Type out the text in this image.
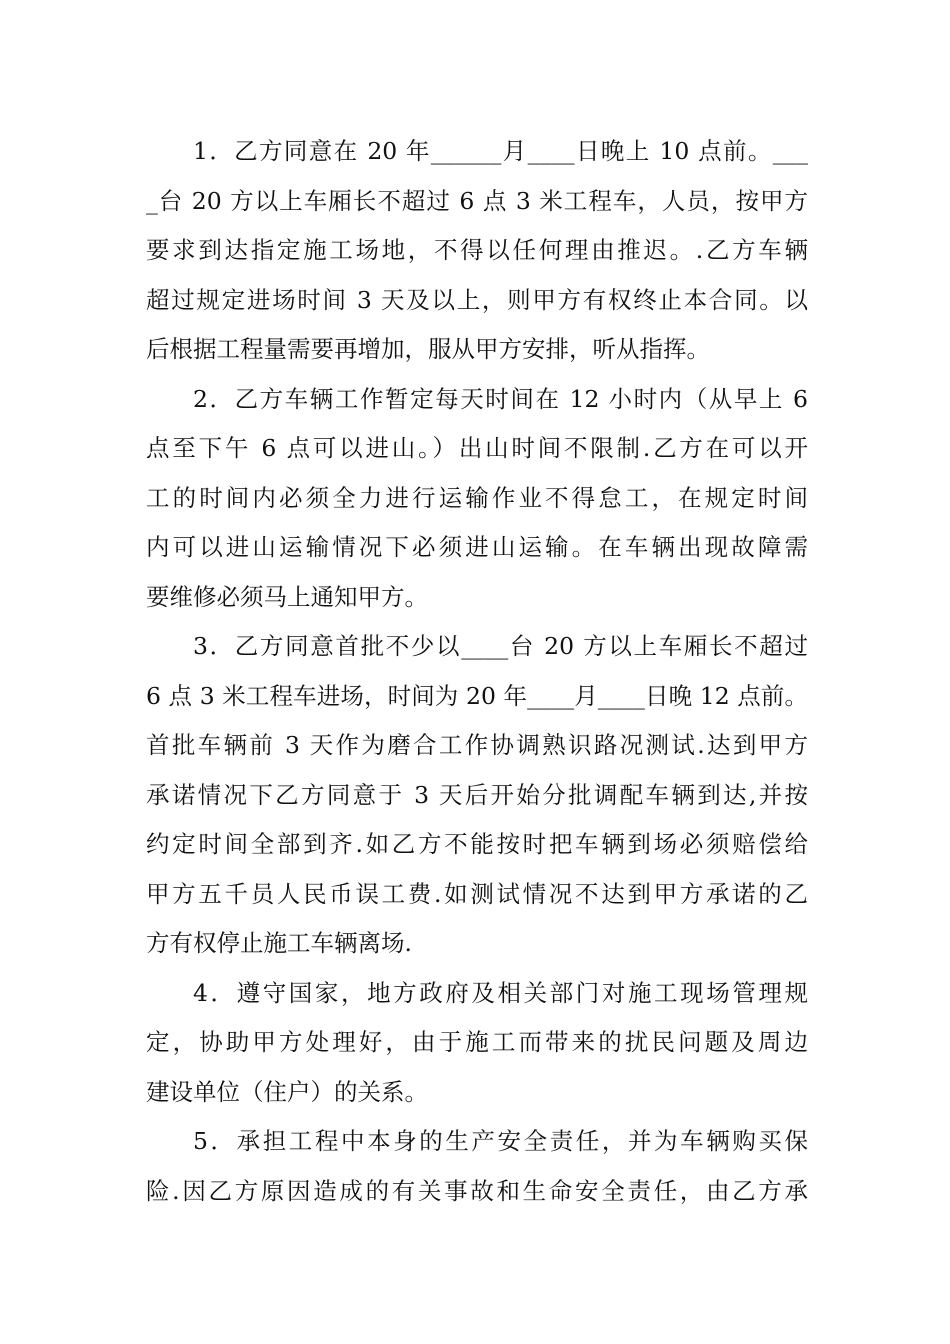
1．乙方同意在 20 年______月____日晚上 10 点前。___
_台 20 方以上车厢长不超过 6 点 3 米工程车，人员，按甲方
要求到达指定施工场地，不得以任何理由推迟。.乙方车辆
超过规定进场时间 3 天及以上，则甲方有权终止本合同。以
后根据工程量需要再增加，服从甲方安排，听从指挥。
2．乙方车辆工作暂定每天时间在 12 小时内（从早上 6
点至下午 6 点可以进山。）出山时间不限制.乙方在可以开
工的时间内必须全力进行运输作业不得怠工，在规定时间
内可以进山运输情况下必须进山运输。在车辆出现故障需
要维修必须马上通知甲方。
3．乙方同意首批不少以____台 20 方以上车厢长不超过
6 点 3 米工程车进场，时间为 20 年____月____日晚 12 点前。
首批车辆前 3 天作为磨合工作协调熟识路况测试.达到甲方
承诺情况下乙方同意于 3 天后开始分批调配车辆到达,并按
约定时间全部到齐.如乙方不能按时把车辆到场必须赔偿给
甲方五千员人民币误工费.如测试情况不达到甲方承诺的乙
方有权停止施工车辆离场.
4．遵守国家，地方政府及相关部门对施工现场管理规
定，协助甲方处理好，由于施工而带来的扰民问题及周边
建设单位（住户）的关系。
5．承担工程中本身的生产安全责任，并为车辆购买保
险.因乙方原因造成的有关事故和生命安全责任，由乙方承
